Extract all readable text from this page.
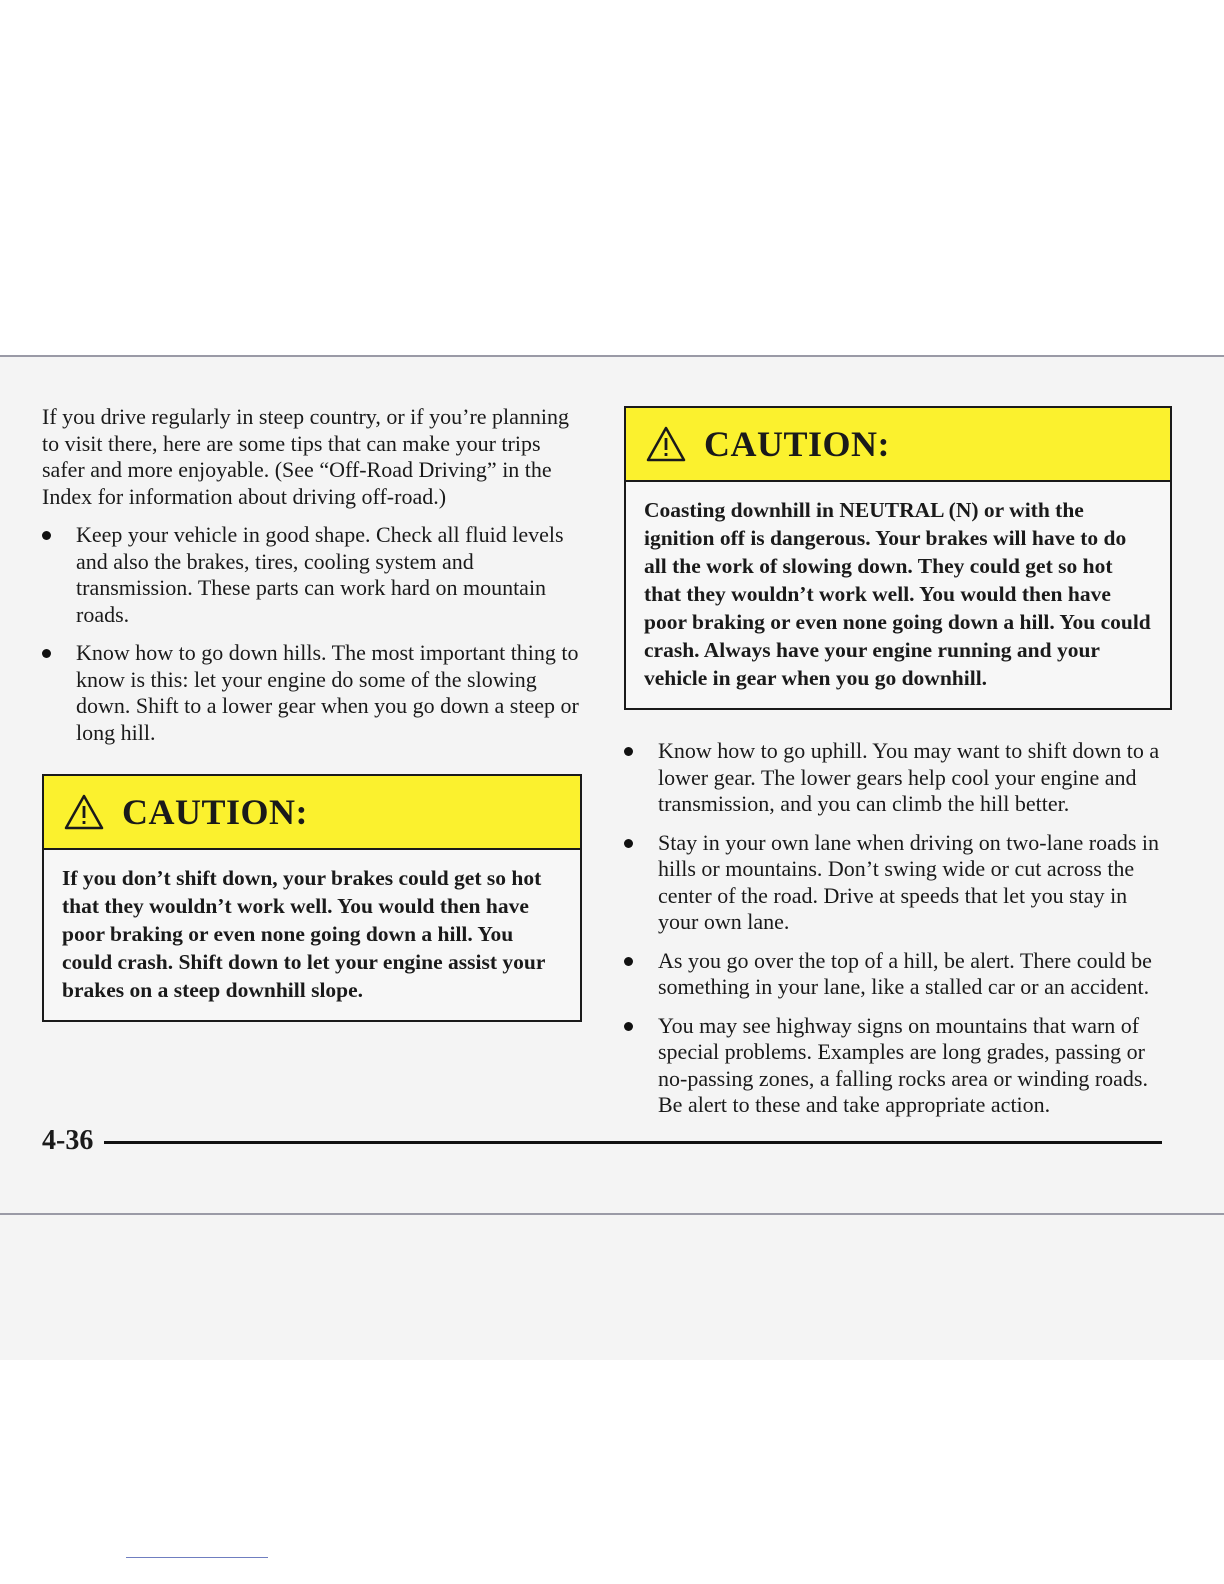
If you drive regularly in steep country, or if you’re planning to visit there, here are some tips that can make your trips safer and more enjoyable. (See “Off-Road Driving” in the Index for information about driving off-road.)

Keep your vehicle in good shape. Check all fluid levels and also the brakes, tires, cooling system and transmission. These parts can work hard on mountain roads.
Know how to go down hills. The most important thing to know is this: let your engine do some of the slowing down. Shift to a lower gear when you go down a steep or long hill.
CAUTION:
If you don’t shift down, your brakes could get so hot that they wouldn’t work well. You would then have poor braking or even none going down a hill. You could crash. Shift down to let your engine assist your brakes on a steep downhill slope.
CAUTION:
Coasting downhill in NEUTRAL (N) or with the ignition off is dangerous. Your brakes will have to do all the work of slowing down. They could get so hot that they wouldn’t work well. You would then have poor braking or even none going down a hill. You could crash. Always have your engine running and your vehicle in gear when you go downhill.
Know how to go uphill. You may want to shift down to a lower gear. The lower gears help cool your engine and transmission, and you can climb the hill better.
Stay in your own lane when driving on two-lane roads in hills or mountains. Don’t swing wide or cut across the center of the road. Drive at speeds that let you stay in your own lane.
As you go over the top of a hill, be alert. There could be something in your lane, like a stalled car or an accident.
You may see highway signs on mountains that warn of special problems. Examples are long grades, passing or no-passing zones, a falling rocks area or winding roads. Be alert to these and take appropriate action.
4-36
